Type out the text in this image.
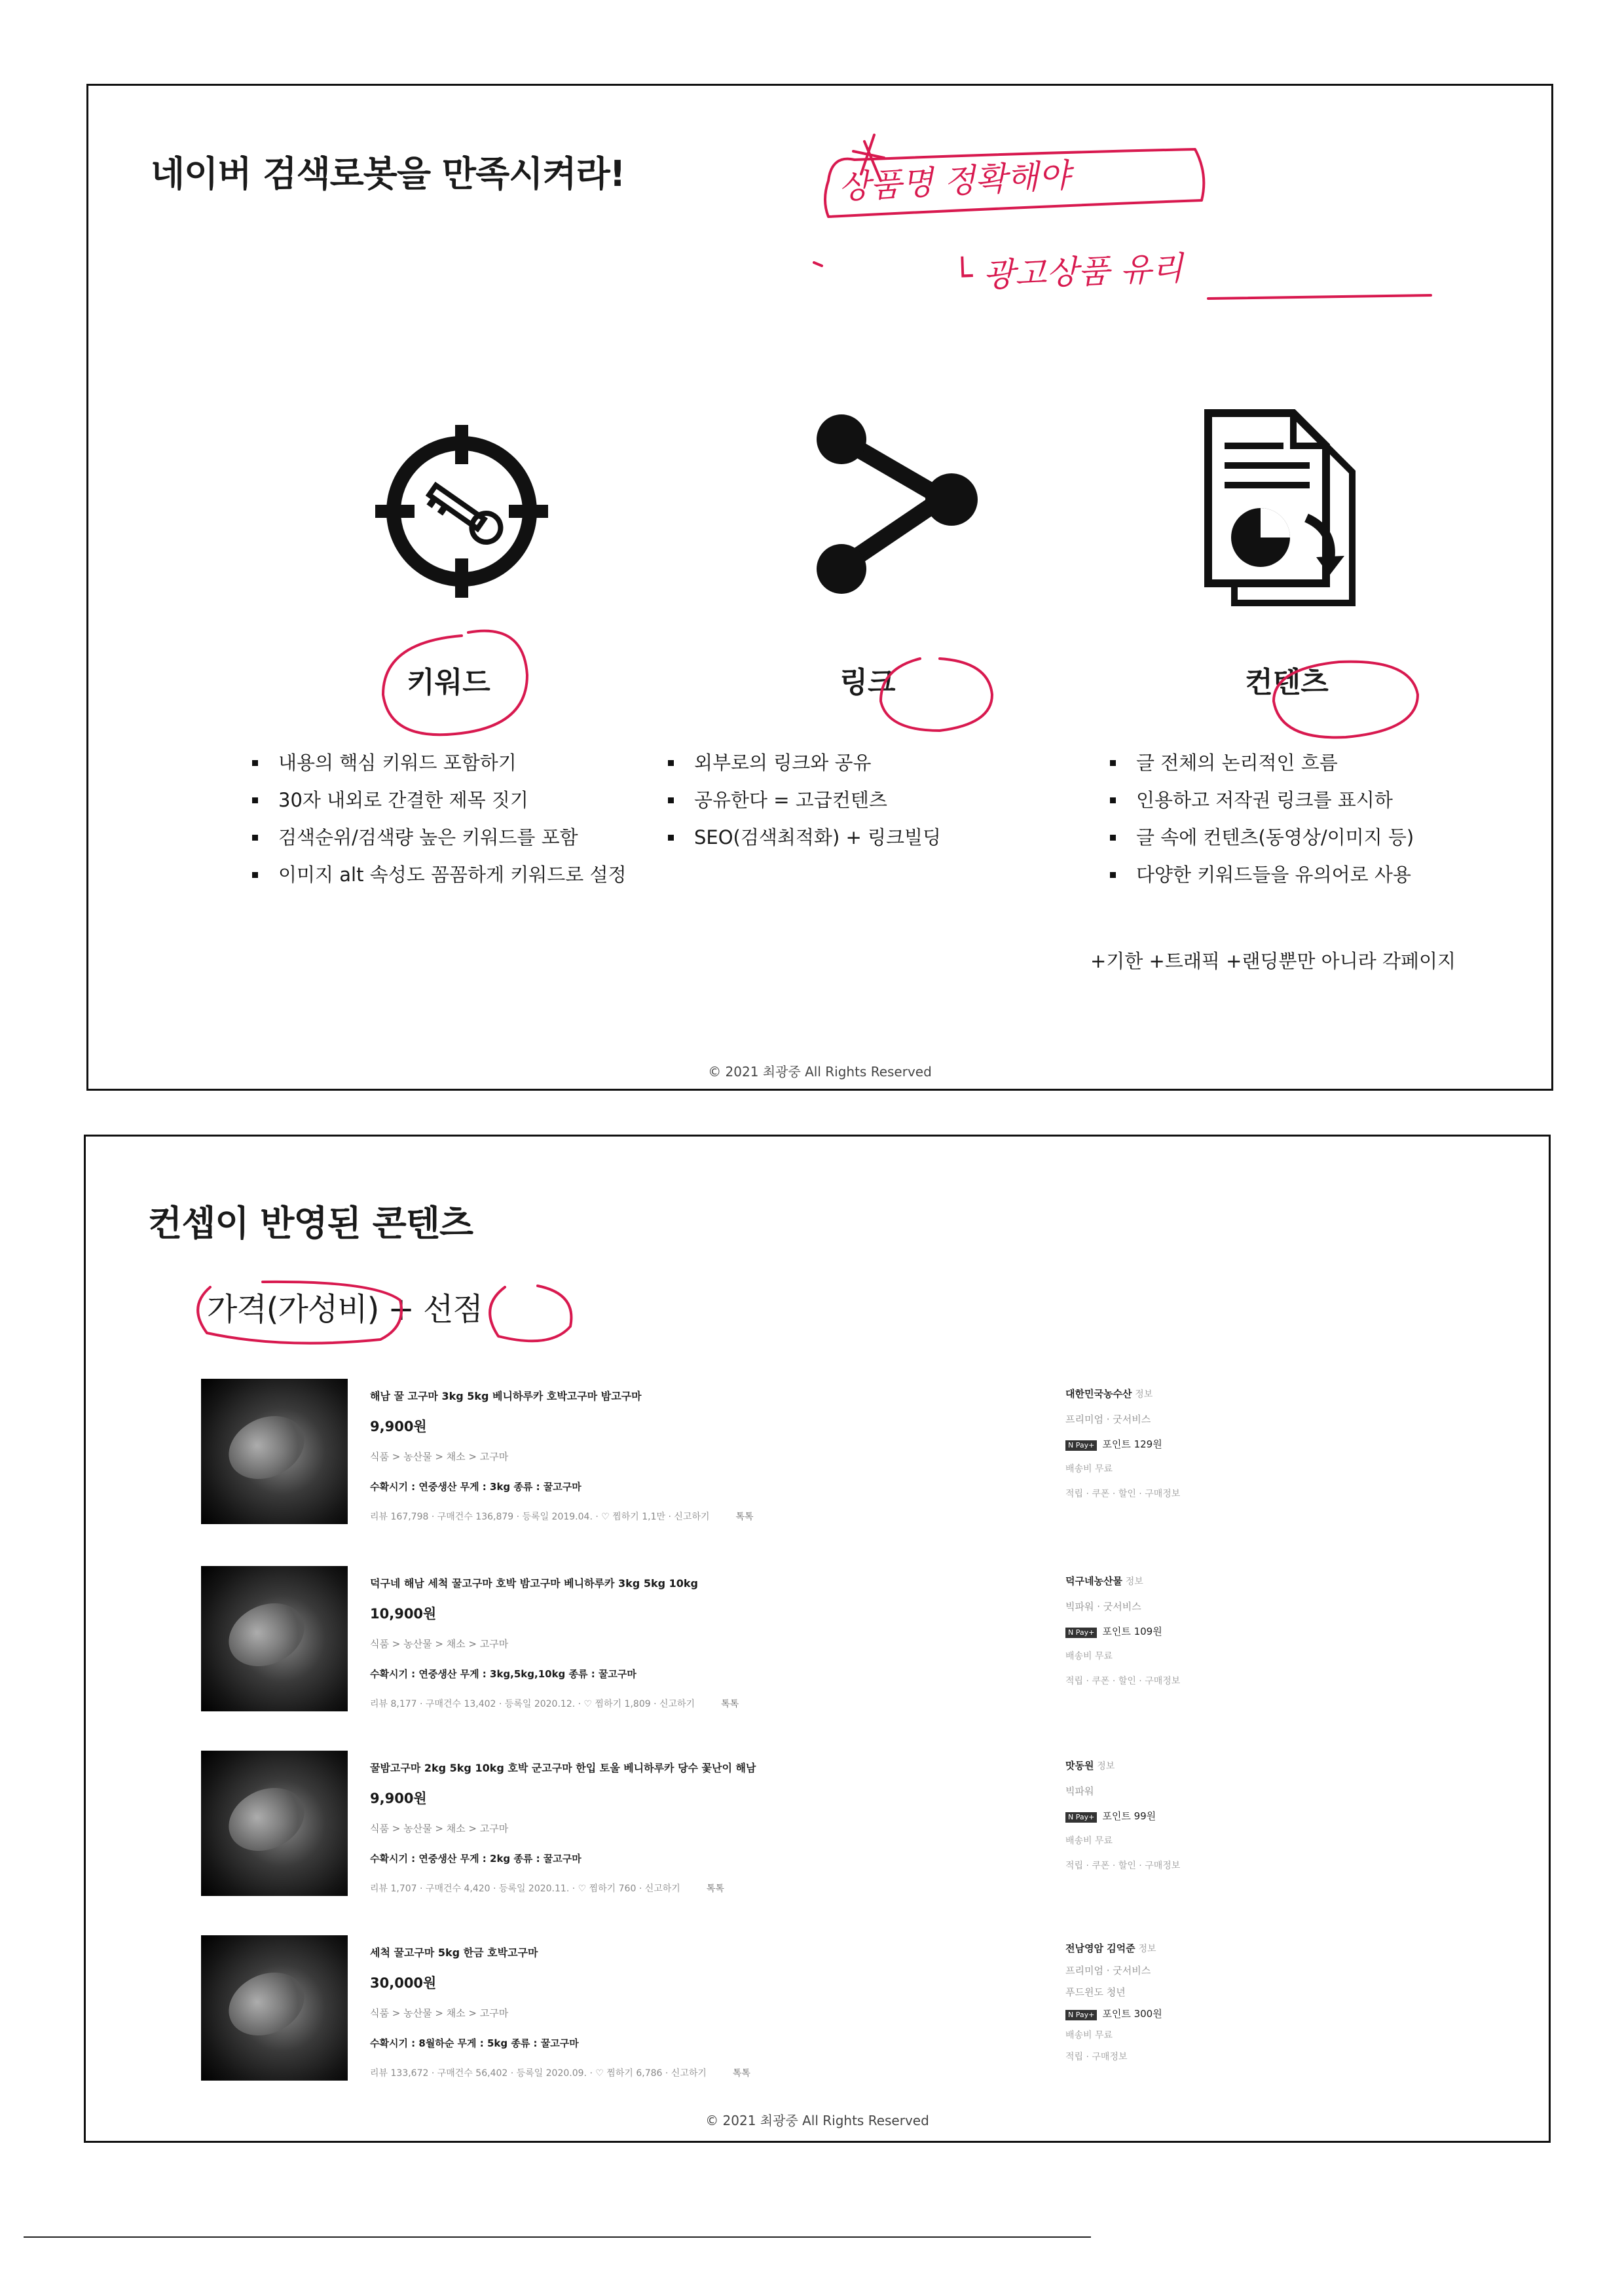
네이버 검색로봇을 만족시켜라!	상품명 정확해야
└ 광고상품 유리
키워드	링크	컨텐츠
내용의 핵심 키워드 포함하기
30자 내외로 간결한 제목 짓기
검색순위/검색량 높은 키워드를 포함
이미지 alt 속성도 꼼꼼하게 키워드로 설정
외부로의 링크와 공유
공유한다 = 고급컨텐츠
SEO(검색최적화) + 링크빌딩
글 전체의 논리적인 흐름
인용하고 저작권 링크를 표시하
글 속에 컨텐츠(동영상/이미지 등)
다양한 키워드들을 유의어로 사용
+기한 +트래픽 +랜딩뿐만 아니라 각페이지
© 2021 최광중 All Rights Reserved
컨셉이 반영된 콘텐츠
가격(가성비) + 선점
해남 꿀 고구마 3kg 5kg 베니하루카 호박고구마 밤고구마
9,900원
식품 > 농산물 > 채소 > 고구마
수확시기 : 연중생산 무게 : 3kg 종류 : 꿀고구마
리뷰 167,798 · 구매건수 136,879 · 등록일 2019.04. · ♡ 찜하기 1,1만 · 신고하기	톡톡
대한민국농수산 정보
프리미엄 · 굿서비스
N Pay+ 포인트 129원
배송비 무료
적립 · 쿠폰 · 할인 · 구매정보
덕구네 해남 세척 꿀고구마 호박 밤고구마 베니하루카 3kg 5kg 10kg
10,900원
식품 > 농산물 > 채소 > 고구마
수확시기 : 연중생산 무게 : 3kg,5kg,10kg 종류 : 꿀고구마
리뷰 8,177 · 구매건수 13,402 · 등록일 2020.12. · ♡ 찜하기 1,809 · 신고하기	톡톡
덕구네농산물 정보
빅파워 · 굿서비스
N Pay+ 포인트 109원
배송비 무료
적립 · 쿠폰 · 할인 · 구매정보
꿀밤고구마 2kg 5kg 10kg 호박 군고구마 한입 토울 베니하루카 당수 꽃난이 해남
9,900원
식품 > 농산물 > 채소 > 고구마
수확시기 : 연중생산 무게 : 2kg 종류 : 꿀고구마
리뷰 1,707 · 구매건수 4,420 · 등록일 2020.11. · ♡ 찜하기 760 · 신고하기	톡톡
맛동원 정보
빅파워
N Pay+ 포인트 99원
배송비 무료
적립 · 쿠폰 · 할인 · 구매정보
세척 꿀고구마 5kg 한금 호박고구마
30,000원
식품 > 농산물 > 채소 > 고구마
수확시기 : 8월하순 무게 : 5kg 종류 : 꿀고구마
리뷰 133,672 · 구매건수 56,402 · 등록일 2020.09. · ♡ 찜하기 6,786 · 신고하기	톡톡
전남영암 김억준 정보
프리미엄 · 굿서비스
푸드윈도 청년
N Pay+ 포인트 300원
배송비 무료
적립 · 구매정보
© 2021 최광중 All Rights Reserved
